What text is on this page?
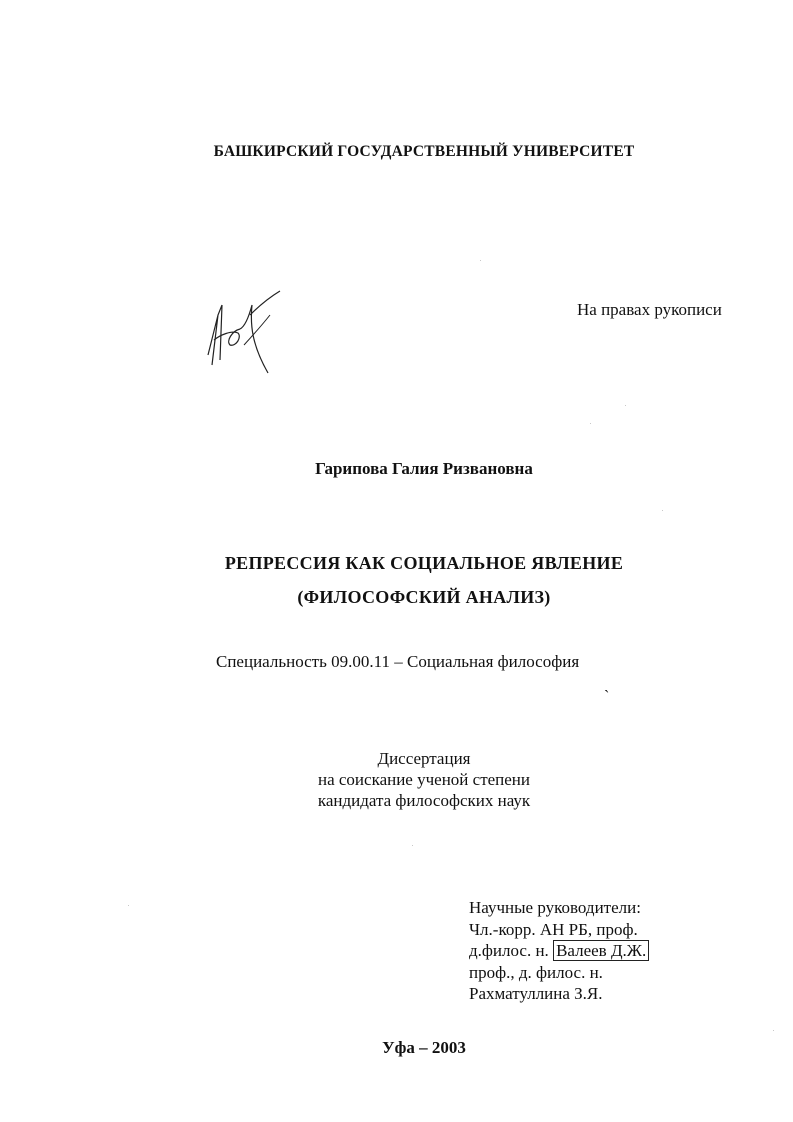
БАШКИРСКИЙ ГОСУДАРСТВЕННЫЙ УНИВЕРСИТЕТ
На правах рукописи
Гарипова Галия Ризвановна
РЕПРЕССИЯ КАК СОЦИАЛЬНОЕ ЯВЛЕНИЕ
(ФИЛОСОФСКИЙ АНАЛИЗ)
Специальность 09.00.11 – Социальная философия
ˎ
Диссертация
на соискание ученой степени
кандидата философских наук
Научные руководители:
Чл.-корр. АН РБ, проф.
д.филос. н. Валеев Д.Ж.
проф., д. филос. н.
Рахматуллина З.Я.
Уфа – 2003
